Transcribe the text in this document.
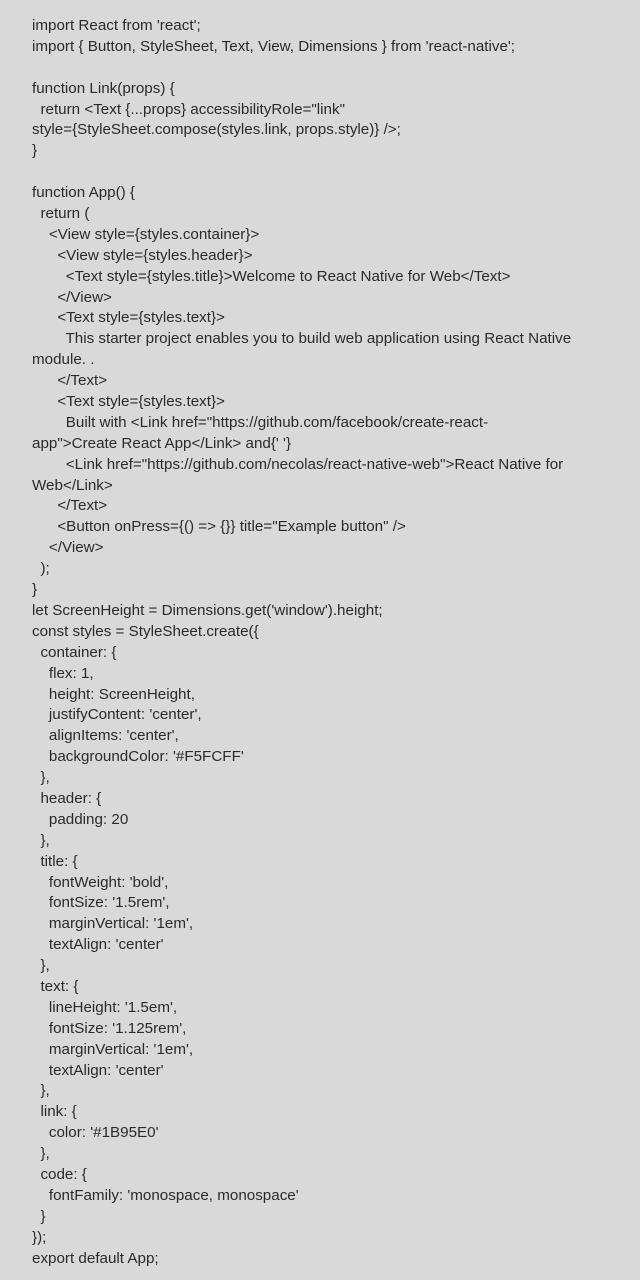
import React from 'react';
import { Button, StyleSheet, Text, View, Dimensions } from 'react-native';
function Link(props) {
return <Text {...props} accessibilityRole="link"
style={StyleSheet.compose(styles.link, props.style)} />;
}
function App() {
return (
<View style={styles.container}>
<View style={styles.header}>
<Text style={styles.title}>Welcome to React Native for Web</Text>
</View>
<Text style={styles.text}>
This starter project enables you to build web application using React Native
module. .
</Text>
<Text style={styles.text}>
Built with <Link href="https://github.com/facebook/create-react-
app">Create React App</Link> and{' '}
<Link href="https://github.com/necolas/react-native-web">React Native for
Web</Link>
</Text>
<Button onPress={() => {}} title="Example button" />
</View>
);
}
let ScreenHeight = Dimensions.get('window').height;
const styles = StyleSheet.create({
container: {
flex: 1,
height: ScreenHeight,
justifyContent: 'center',
alignItems: 'center',
backgroundColor: '#F5FCFF'
},
header: {
padding: 20
},
title: {
fontWeight: 'bold',
fontSize: '1.5rem',
marginVertical: '1em',
textAlign: 'center'
},
text: {
lineHeight: '1.5em',
fontSize: '1.125rem',
marginVertical: '1em',
textAlign: 'center'
},
link: {
color: '#1B95E0'
},
code: {
fontFamily: 'monospace, monospace'
}
});
export default App;
